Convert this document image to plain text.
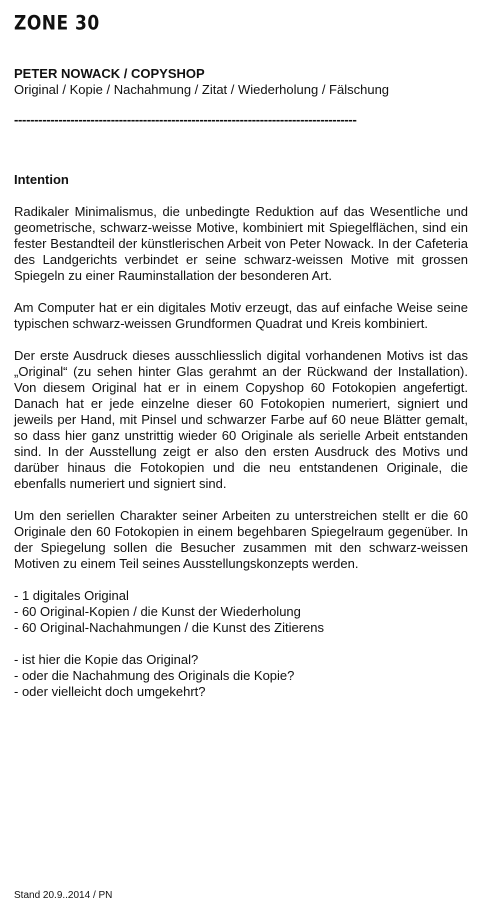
ZONE 30

PETER NOWACK / COPYSHOP

Original / Kopie / Nachahmung / Zitat / Wiederholung / Fälschung

-------------------------------------------------------------------------------------

Intention

Radikaler Minimalismus, die unbedingte Reduktion auf das Wesentliche und geometrische, schwarz-weisse Motive, kombiniert mit Spiegelflächen, sind ein fester Bestandteil der künstlerischen Arbeit von Peter Nowack. In der Cafeteria des Landgerichts verbindet er seine schwarz-weissen Motive mit grossen Spiegeln zu einer Rauminstallation der besonderen Art.

Am Computer hat er ein digitales Motiv erzeugt, das auf einfache Weise seine typischen schwarz-weissen Grundformen Quadrat und Kreis kombiniert.

Der erste Ausdruck dieses ausschliesslich digital vorhandenen Motivs ist das „Original“ (zu sehen hinter Glas gerahmt an der Rückwand der Installation). Von diesem Original hat er in einem Copyshop 60 Fotokopien angefertigt. Danach hat er jede einzelne dieser 60 Fotokopien numeriert, signiert und jeweils per Hand, mit Pinsel und schwarzer Farbe auf 60 neue Blätter gemalt, so dass hier ganz unstrittig wieder 60 Originale als serielle Arbeit entstanden sind. In der Ausstellung zeigt er also den ersten Ausdruck des Motivs und darüber hinaus die Fotokopien und die neu entstandenen Originale, die ebenfalls numeriert und signiert sind.

Um den seriellen Charakter seiner Arbeiten zu unterstreichen stellt er die 60 Originale den 60 Fotokopien in einem begehbaren Spiegelraum gegenüber. In der Spiegelung sollen die Besucher zusammen mit den schwarz-weissen Motiven zu einem Teil seines Ausstellungskonzepts werden.

- 1 digitales Original
- 60 Original-Kopien / die Kunst der Wiederholung
- 60 Original-Nachahmungen / die Kunst des Zitierens
- ist hier die Kopie das Original?
- oder die Nachahmung des Originals die Kopie?
- oder vielleicht doch umgekehrt?
Stand 20.9..2014 / PN
